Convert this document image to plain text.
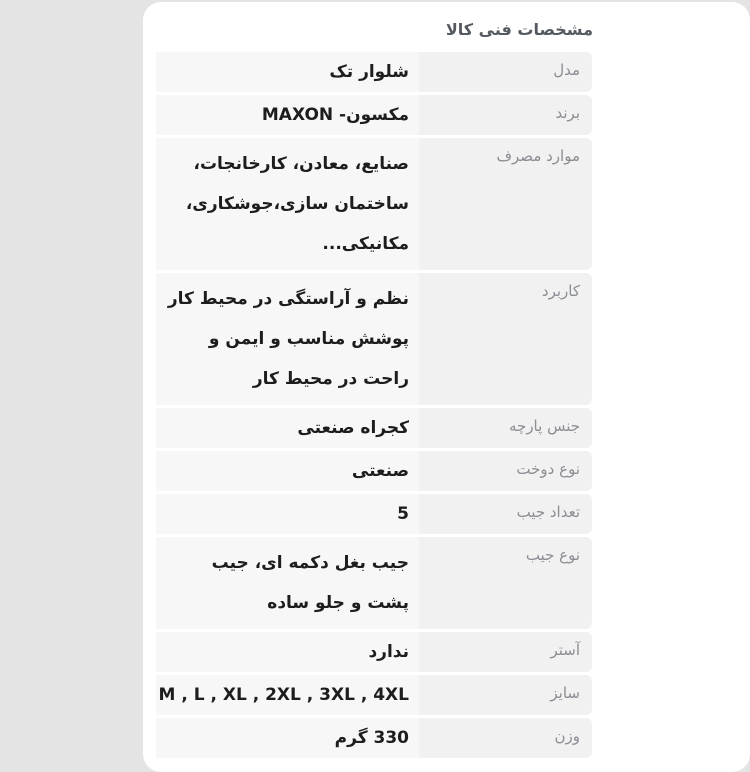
مشخصات فنی کالا
مدل
شلوار تک
برند
مکسون- MAXON
موارد مصرف
صنایع، معادن، کارخانجات،
ساختمان سازی،جوشکاری،
مکانیکی...
کاربرد
نظم و آراستگی در محیط کار
پوشش مناسب و ایمن و
راحت در محیط کار
جنس پارچه
کجراه صنعتی
نوع دوخت
صنعتی
تعداد جیب
5
نوع جیب
جیب بغل دکمه ای، جیب
پشت و جلو ساده
آستر
ندارد
سایز
M , L , XL , 2XL , 3XL , 4XL
وزن
330 گرم
